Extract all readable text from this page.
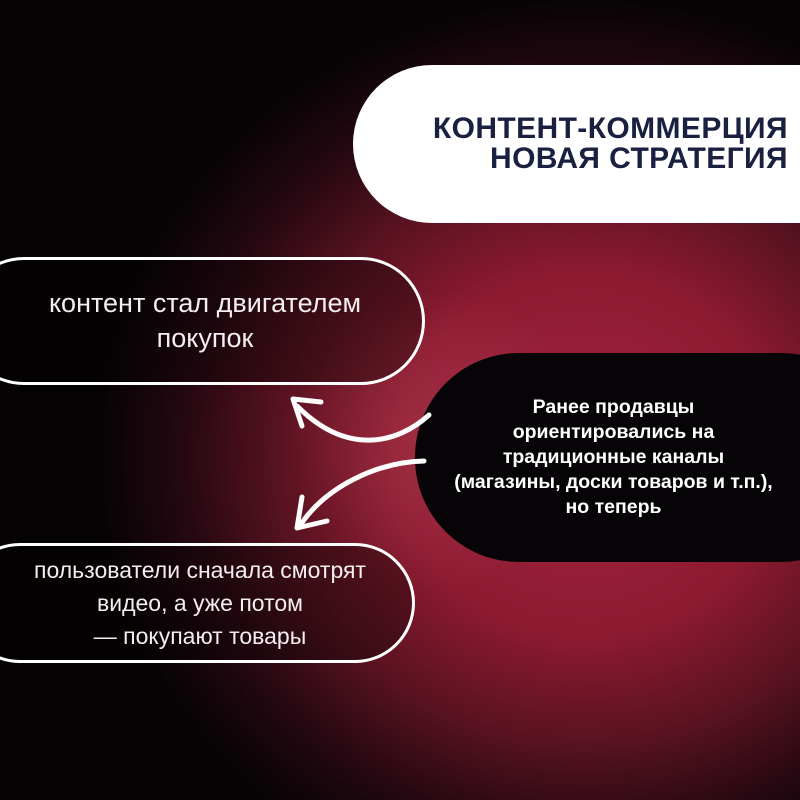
КОНТЕНТ-КОММЕРЦИЯ
НОВАЯ СТРАТЕГИЯ
контент стал двигателем
покупок
Ранее продавцы
ориентировались на
традиционные каналы
(магазины, доски товаров и т.п.),
но теперь
пользователи сначала смотрят
видео, а уже потом
— покупают товары
